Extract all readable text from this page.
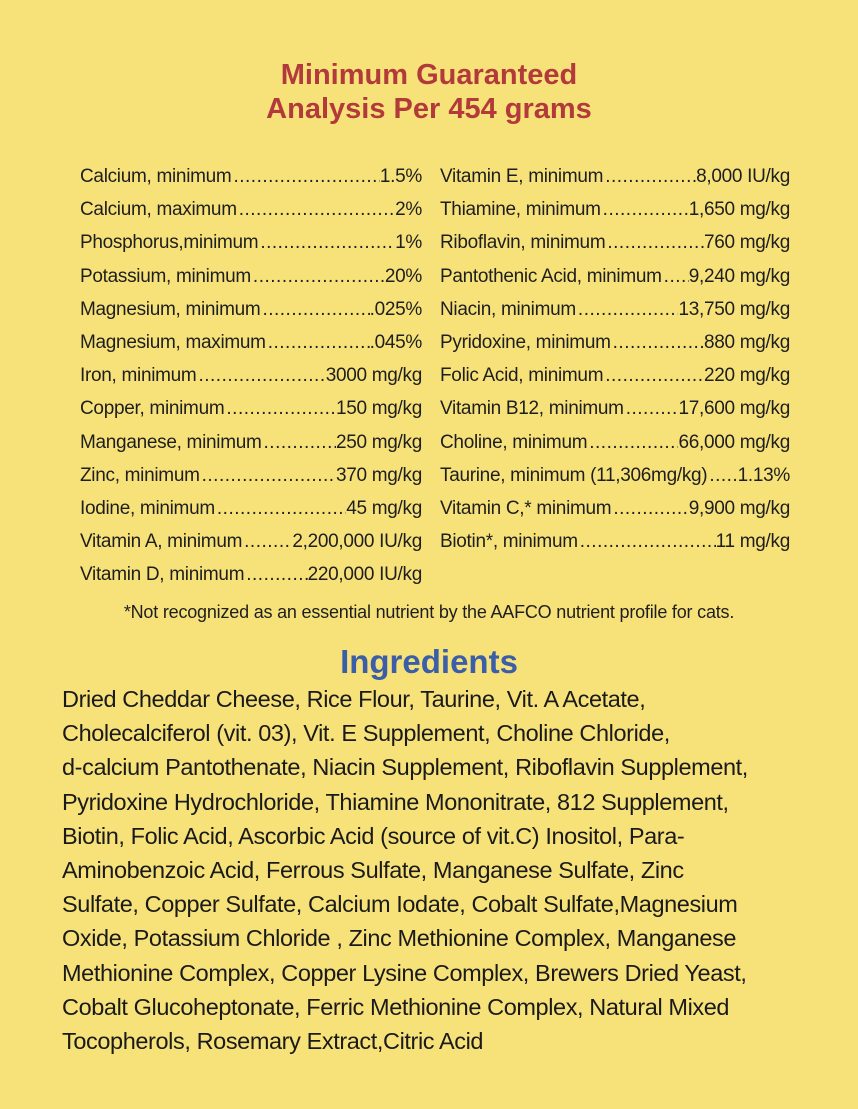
Minimum Guaranteed
Analysis Per 454 grams
Calcium, minimum .....	1.5%
Calcium, maximum .....	2%
Phosphorus,minimum .....	1%
Potassium, minimum .....	.20%
Magnesium, minimum .....	.025%
Magnesium, maximum .....	.045%
Iron, minimum .....	3000 mg/kg
Copper, minimum .....	150 mg/kg
Manganese, minimum .....	250 mg/kg
Zinc, minimum .....	370 mg/kg
Iodine, minimum .....	45 mg/kg
Vitamin A, minimum .....	2,200,000 IU/kg
Vitamin D, minimum .....	220,000 IU/kg
Vitamin E, minimum .....	8,000 IU/kg
Thiamine, minimum .....	1,650 mg/kg
Riboflavin, minimum .....	760 mg/kg
Pantothenic Acid, minimum ..... 9,240 mg/kg
Niacin, minimum .....	13,750 mg/kg
Pyridoxine, minimum .....	880 mg/kg
Folic Acid, minimum .....	220 mg/kg
Vitamin B12, minimum .....	17,600 mg/kg
Choline, minimum .....	66,000 mg/kg
Taurine, minimum (11,306mg/kg) ..... 1.13%
Vitamin C,* minimum .....	9,900 mg/kg
Biotin*, minimum .....	11 mg/kg
*Not recognized as an essential nutrient by the AAFCO nutrient profile for cats.
Ingredients
Dried Cheddar Cheese, Rice Flour, Taurine, Vit. A Acetate,
Cholecalciferol (vit. 03), Vit. E Supplement, Choline Chloride,
d-calcium Pantothenate, Niacin Supplement, Riboflavin Supplement,
Pyridoxine Hydrochloride, Thiamine Mononitrate, 812 Supplement,
Biotin, Folic Acid, Ascorbic Acid (source of vit.C) Inositol, Para-
Aminobenzoic Acid, Ferrous Sulfate, Manganese Sulfate, Zinc
Sulfate, Copper Sulfate, Calcium Iodate, Cobalt Sulfate,Magnesium
Oxide, Potassium Chloride , Zinc Methionine Complex, Manganese
Methionine Complex, Copper Lysine Complex, Brewers Dried Yeast,
Cobalt Glucoheptonate, Ferric Methionine Complex, Natural Mixed
Tocopherols, Rosemary Extract,Citric Acid
